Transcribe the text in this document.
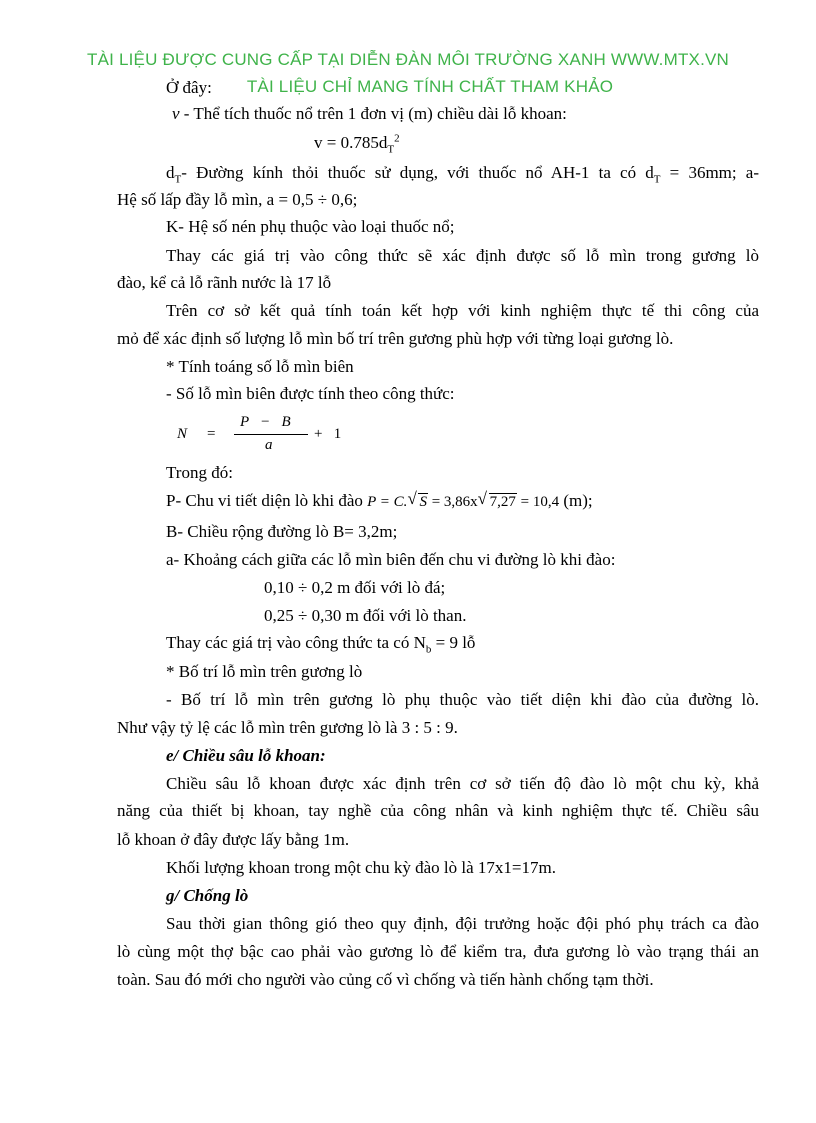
TÀI LIỆU ĐƯỢC CUNG CẤP TẠI DIỄN ĐÀN MÔI TRƯỜNG XANH WWW.MTX.VN
Ở đây:	TÀI LIỆU CHỈ MANG TÍNH CHẤT THAM KHẢO
v - Thể tích thuốc nổ trên 1 đơn vị (m) chiều dài lỗ khoan:
$v = 0.785d_T^2$
$d_T-$ Đường kính thỏi thuốc sử dụng, với thuốc nổ AH-1 ta có $d_T = 36mm$; a-
Hệ số lấp đầy lỗ mìn, a = 0,5 ÷ 0,6;
K- Hệ số nén phụ thuộc vào loại thuốc nổ;
Thay các giá trị vào công thức sẽ xác định được số lỗ mìn trong gương lò
đào, kể cả lỗ rãnh nước là 17 lỗ
Trên cơ sở kết quả tính toán kết hợp với kinh nghiệm thực tế thi công của
mỏ để xác định số lượng lỗ mìn bố trí trên gương phù hợp với từng loại gương lò.
* Tính toáng số lỗ mìn biên
- Số lỗ mìn biên được tính theo công thức:
N =
P   −   B
a
+   1
Trong đó:
P- Chu vi tiết diện lò khi đào P = C. √ S = 3,86x √ 7,27 = 10,4 (m);
B- Chiều rộng đường lò B= 3,2m;
a- Khoảng cách giữa các lỗ mìn biên đến chu vi đường lò khi đào:
0,10 ÷ 0,2 m đối với lò đá;
0,25 ÷ 0,30 m đối với lò than.
Thay các giá trị vào công thức ta có $N_b = 9$ lỗ
* Bố trí lỗ mìn trên gương lò
- Bố trí lỗ mìn trên gương lò phụ thuộc vào tiết diện khi đào của đường lò.
Như vậy tỷ lệ các lỗ mìn trên gương lò là 3 : 5 : 9.
e/ Chiều sâu lỗ khoan:
Chiều sâu lỗ khoan được xác định trên cơ sở tiến độ đào lò một chu kỳ, khả
năng của thiết bị khoan, tay nghề của công nhân và kinh nghiệm thực tế. Chiều sâu
lỗ khoan ở đây được lấy bằng 1m.
Khối lượng khoan trong một chu kỳ đào lò là 17x1=17m.
g/ Chống lò
Sau thời gian thông gió theo quy định, đội trưởng hoặc đội phó phụ trách ca đào
lò cùng một thợ bậc cao phải vào gương lò để kiểm tra, đưa gương lò vào trạng thái an
toàn. Sau đó mới cho người vào củng cố vì chống và tiến hành chống tạm thời.
